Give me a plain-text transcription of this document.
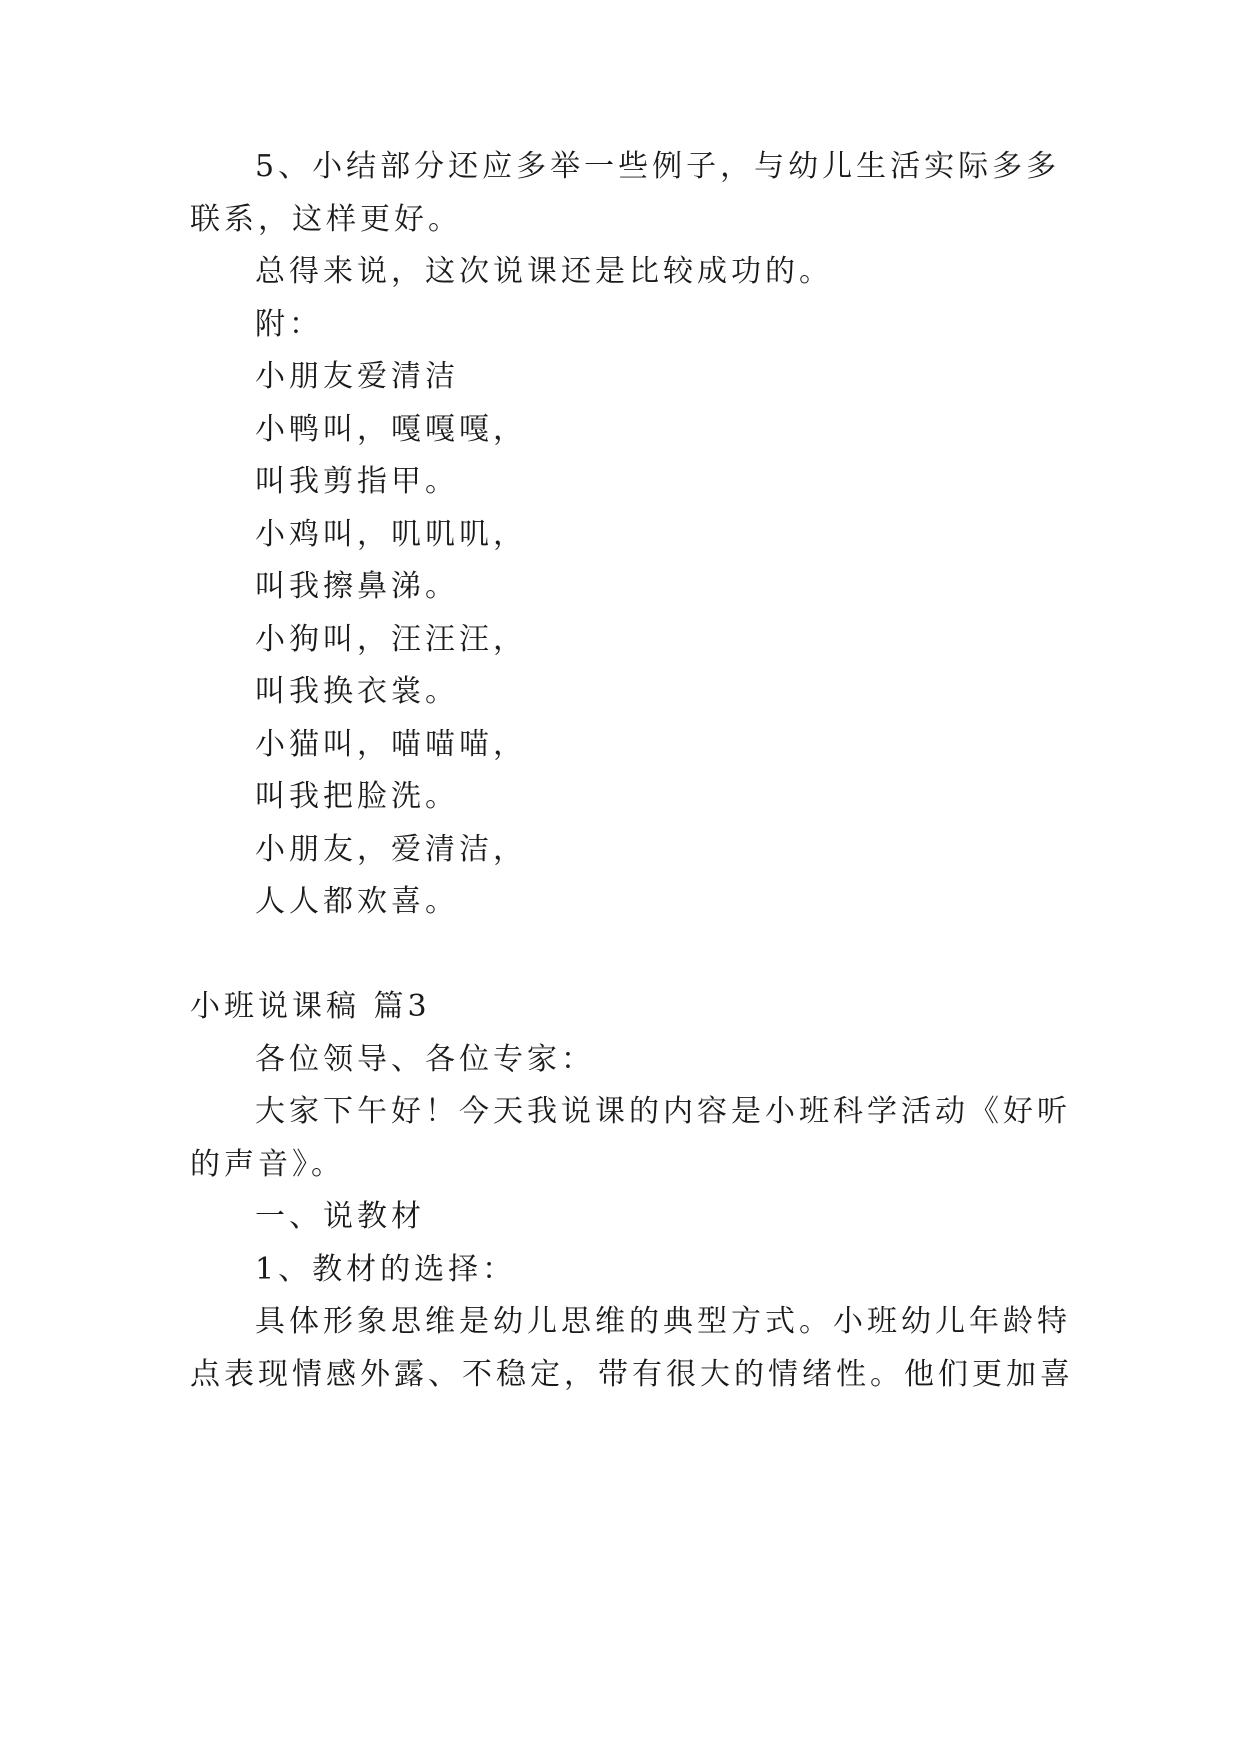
5、小结部分还应多举一些例子，与幼儿生活实际多多
联系，这样更好。
总得来说，这次说课还是比较成功的。
附：
小朋友爱清洁
小鸭叫，嘎嘎嘎，
叫我剪指甲。
小鸡叫，叽叽叽，
叫我擦鼻涕。
小狗叫，汪汪汪，
叫我换衣裳。
小猫叫，喵喵喵，
叫我把脸洗。
小朋友，爱清洁，
人人都欢喜。
小班说课稿 篇3
各位领导、各位专家：
大家下午好！今天我说课的内容是小班科学活动《好听
的声音》。
一、说教材
1、教材的选择：
具体形象思维是幼儿思维的典型方式。小班幼儿年龄特
点表现情感外露、不稳定，带有很大的情绪性。他们更加喜
